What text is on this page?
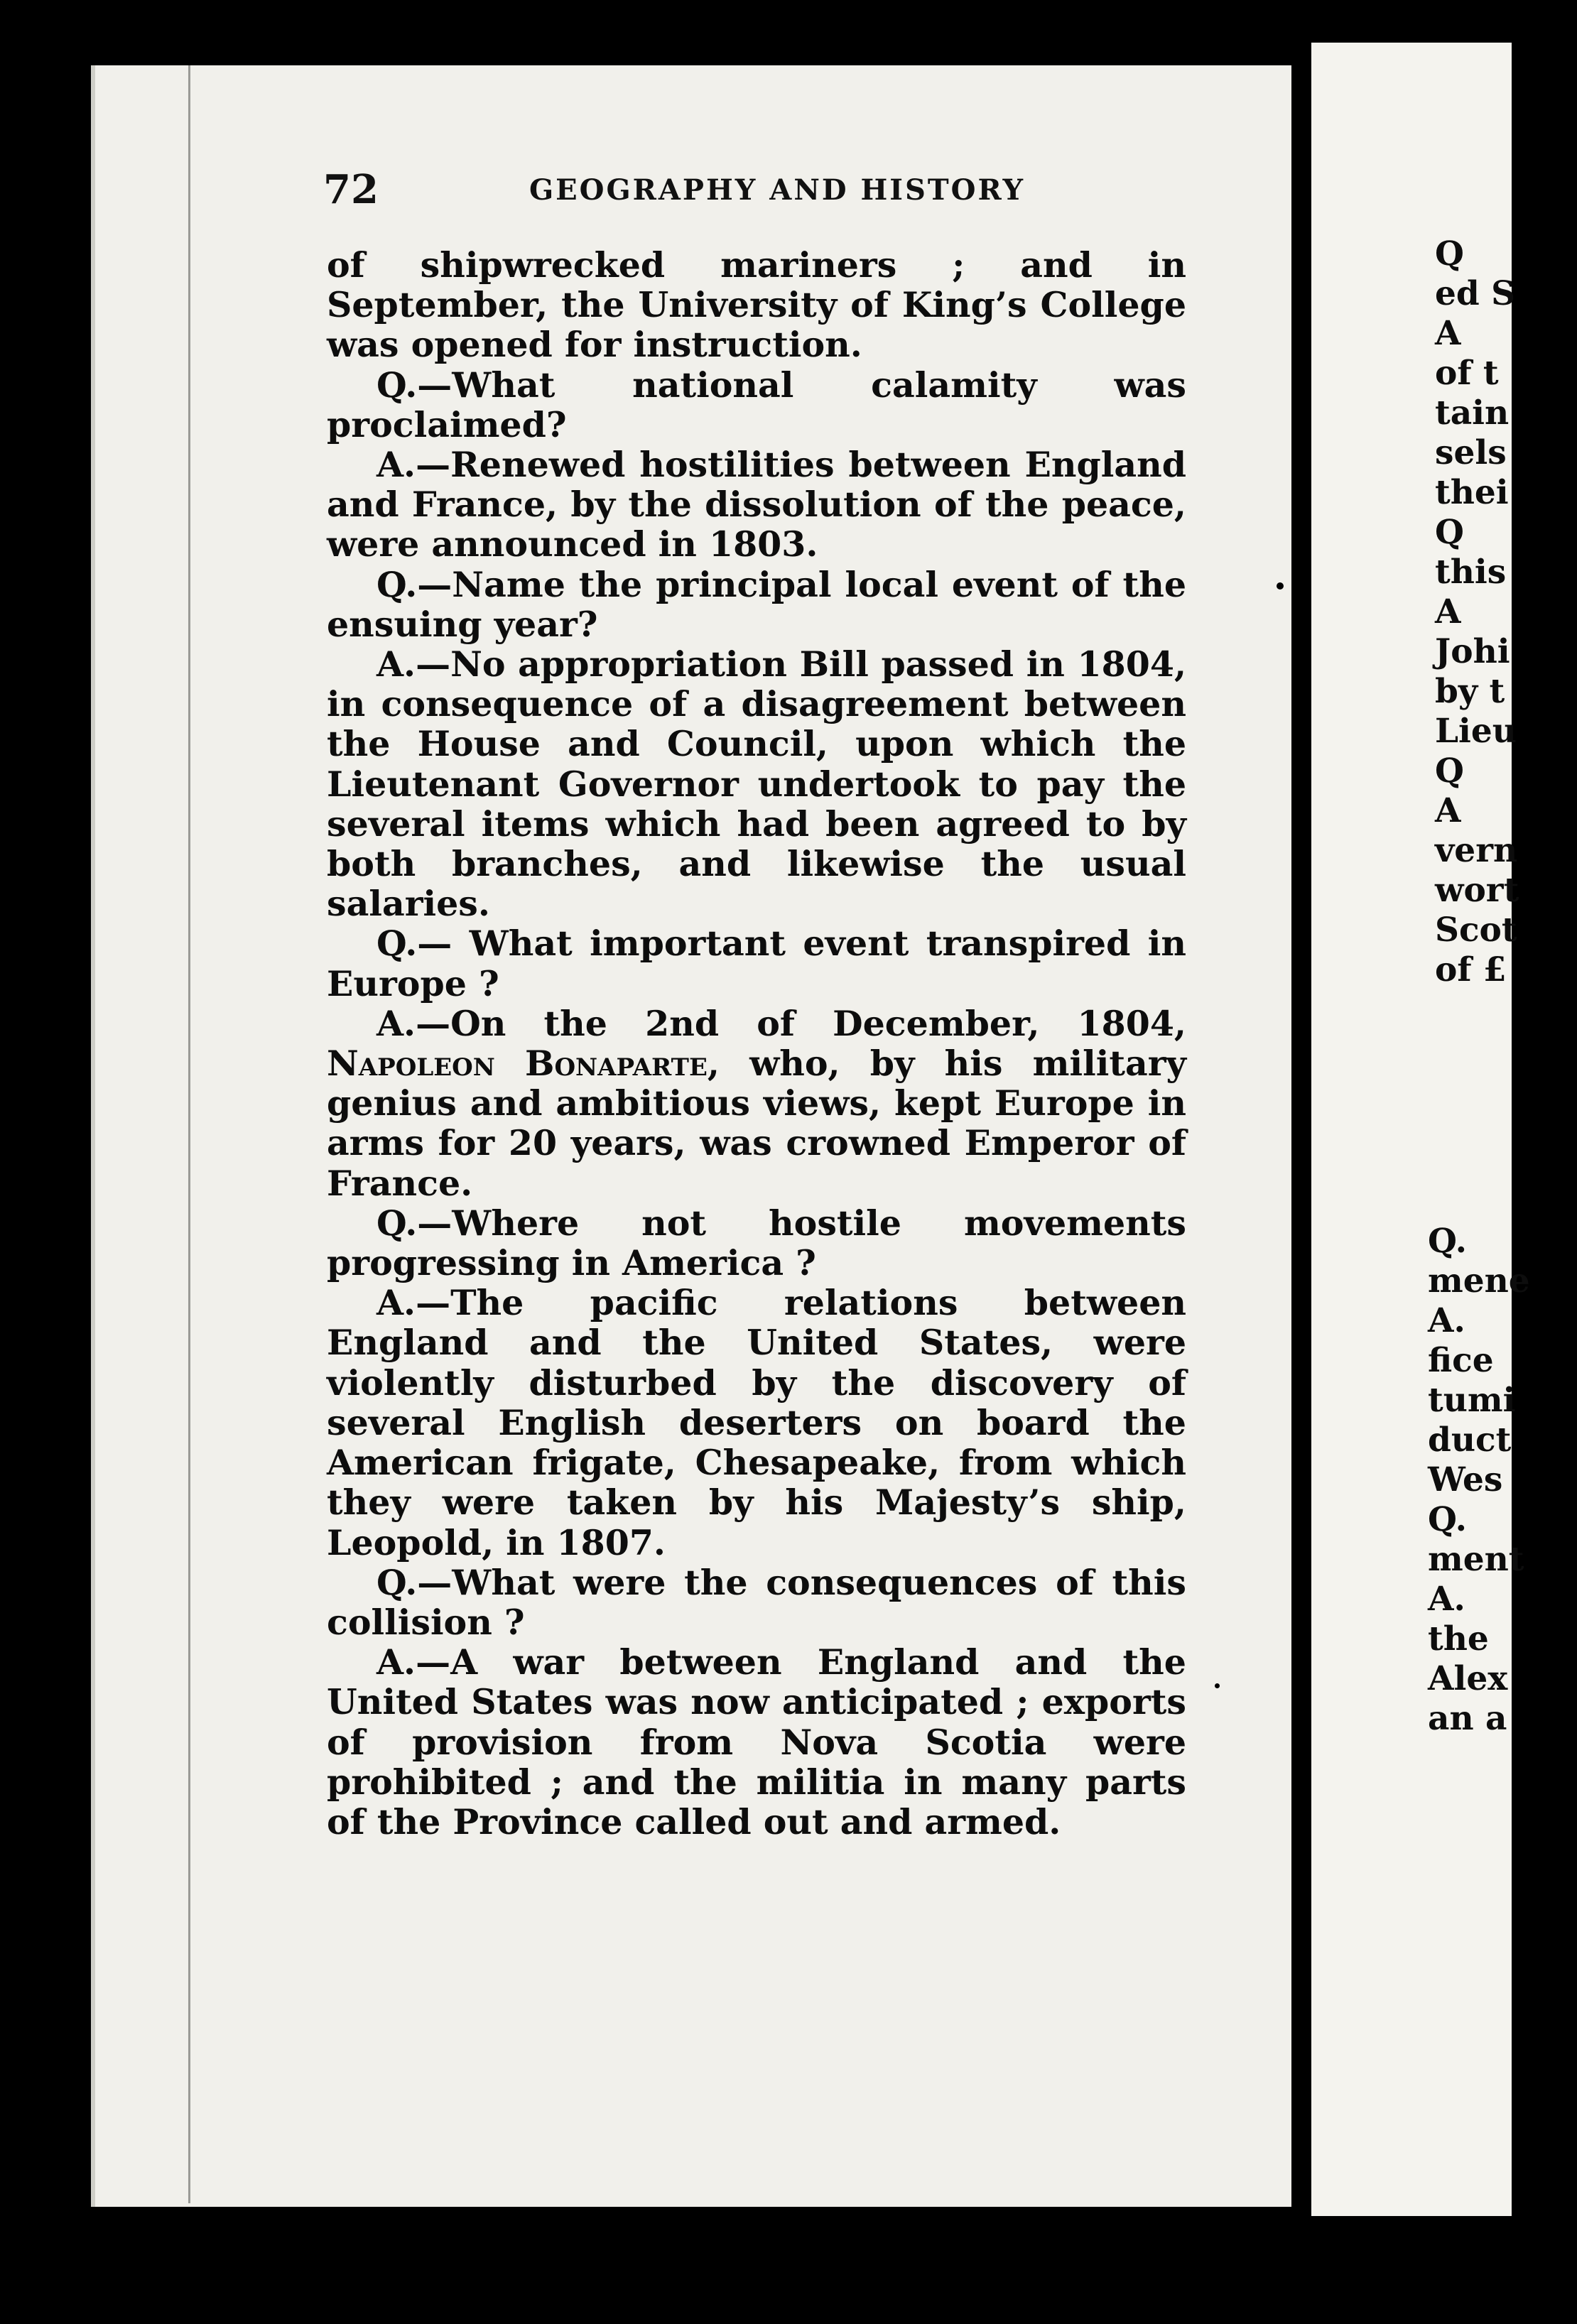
72	GEOGRAPHY AND HISTORY

of shipwrecked mariners ; and in September, the University of King’s College was opened for instruction.

Q.—What national calamity was proclaimed?

A.—Renewed hostilities between England and France, by the dissolution of the peace, were announced in 1803.

Q.—Name the principal local event of the ensuing year?

A.—No appropriation Bill passed in 1804, in consequence of a disagreement between the House and Council, upon which the Lieutenant Governor undertook to pay the several items which had been agreed to by both branches, and likewise the usual salaries.

Q.— What important event transpired in Europe ?

A.—On the 2nd of December, 1804, Napoleon Bonaparte, who, by his military genius and ambitious views, kept Europe in arms for 20 years, was crowned Emperor of France.

Q.—Where not hostile movements progressing in America ?

A.—The pacific relations between England and the United States, were violently disturbed by the discovery of several English deserters on board the American frigate, Chesapeake, from which they were taken by his Majesty’s ship, Leopold, in 1807.

Q.—What were the consequences of this collision ?

A.—A war between England and the United States was now anticipated ; exports of provision from Nova Scotia were prohibited ; and the militia in many parts of the Province called out and armed.

Q
ed S
A
of t
tain
sels
thei
Q
this
A
Johi
by t
Lieu
Q
A
vern
wort
Scot
of £
Q.
mene
A.
fice
tumi
duct
Wes
Q.
ment
A.
the
Alex
an a
